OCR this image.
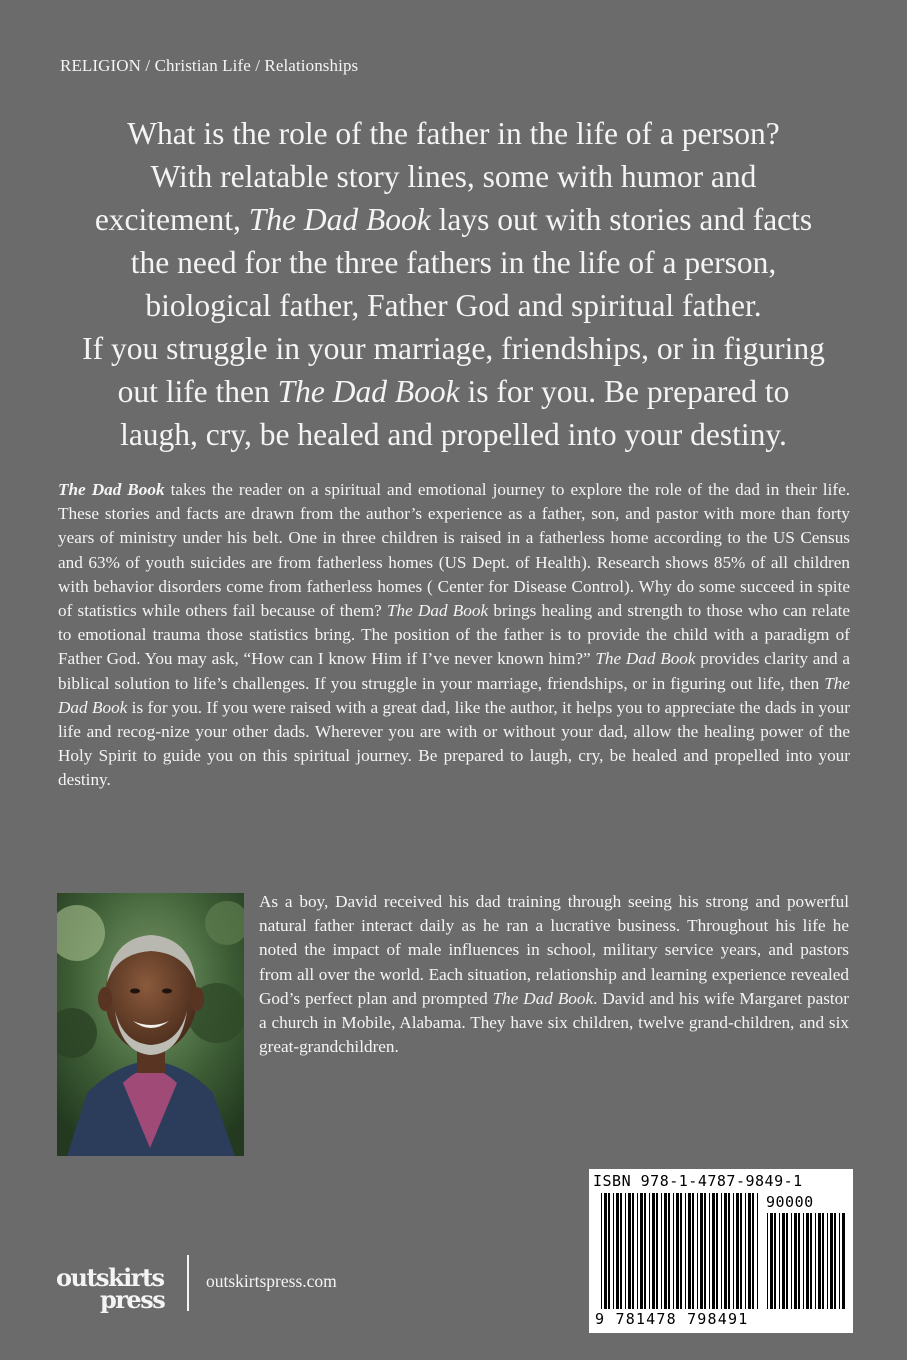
RELIGION / Christian Life / Relationships

What is the role of the father in the life of a person?

With relatable story lines, some with humor and

excitement, The Dad Book lays out with stories and facts

the need for the three fathers in the life of a person,

biological father, Father God and spiritual father.

If you struggle in your marriage, friendships, or in figuring

out life then The Dad Book is for you. Be prepared to

laugh, cry, be healed and propelled into your destiny.

The Dad Book takes the reader on a spiritual and emotional journey to explore the role of the dad in their life. These stories and facts are drawn from the author’s experience as a father, son, and pastor with more than forty years of ministry under his belt. One in three children is raised in a fatherless home according to the US Census and 63% of youth suicides are from fatherless homes (US Dept. of Health). Research shows 85% of all children with behavior disorders come from fatherless homes ( Center for Disease Control). Why do some succeed in spite of statistics while others fail because of them? The Dad Book brings healing and strength to those who can relate to emotional trauma those statistics bring. The position of the father is to provide the child with a paradigm of Father God. You may ask, “How can I know Him if I’ve never known him?” The Dad Book provides clarity and a biblical solution to life’s challenges. If you struggle in your marriage, friendships, or in figuring out life, then The Dad Book is for you. If you were raised with a great dad, like the author, it helps you to appreciate the dads in your life and recog-nize your other dads. Wherever you are with or without your dad, allow the healing power of the Holy Spirit to guide you on this spiritual journey. Be prepared to laugh, cry, be healed and propelled into your destiny.

As a boy, David received his dad training through seeing his strong and powerful natural father interact daily as he ran a lucrative business. Throughout his life he noted the impact of male influences in school, military service years, and pastors from all over the world. Each situation, relationship and learning experience revealed God’s perfect plan and prompted The Dad Book. David and his wife Margaret pastor a church in Mobile, Alabama. They have six children, twelve grand-children, and six great-grandchildren.

ISBN 978-1-4787-9849-1
90000
9 781478 798491
outskirts
press
outskirtspress.com
